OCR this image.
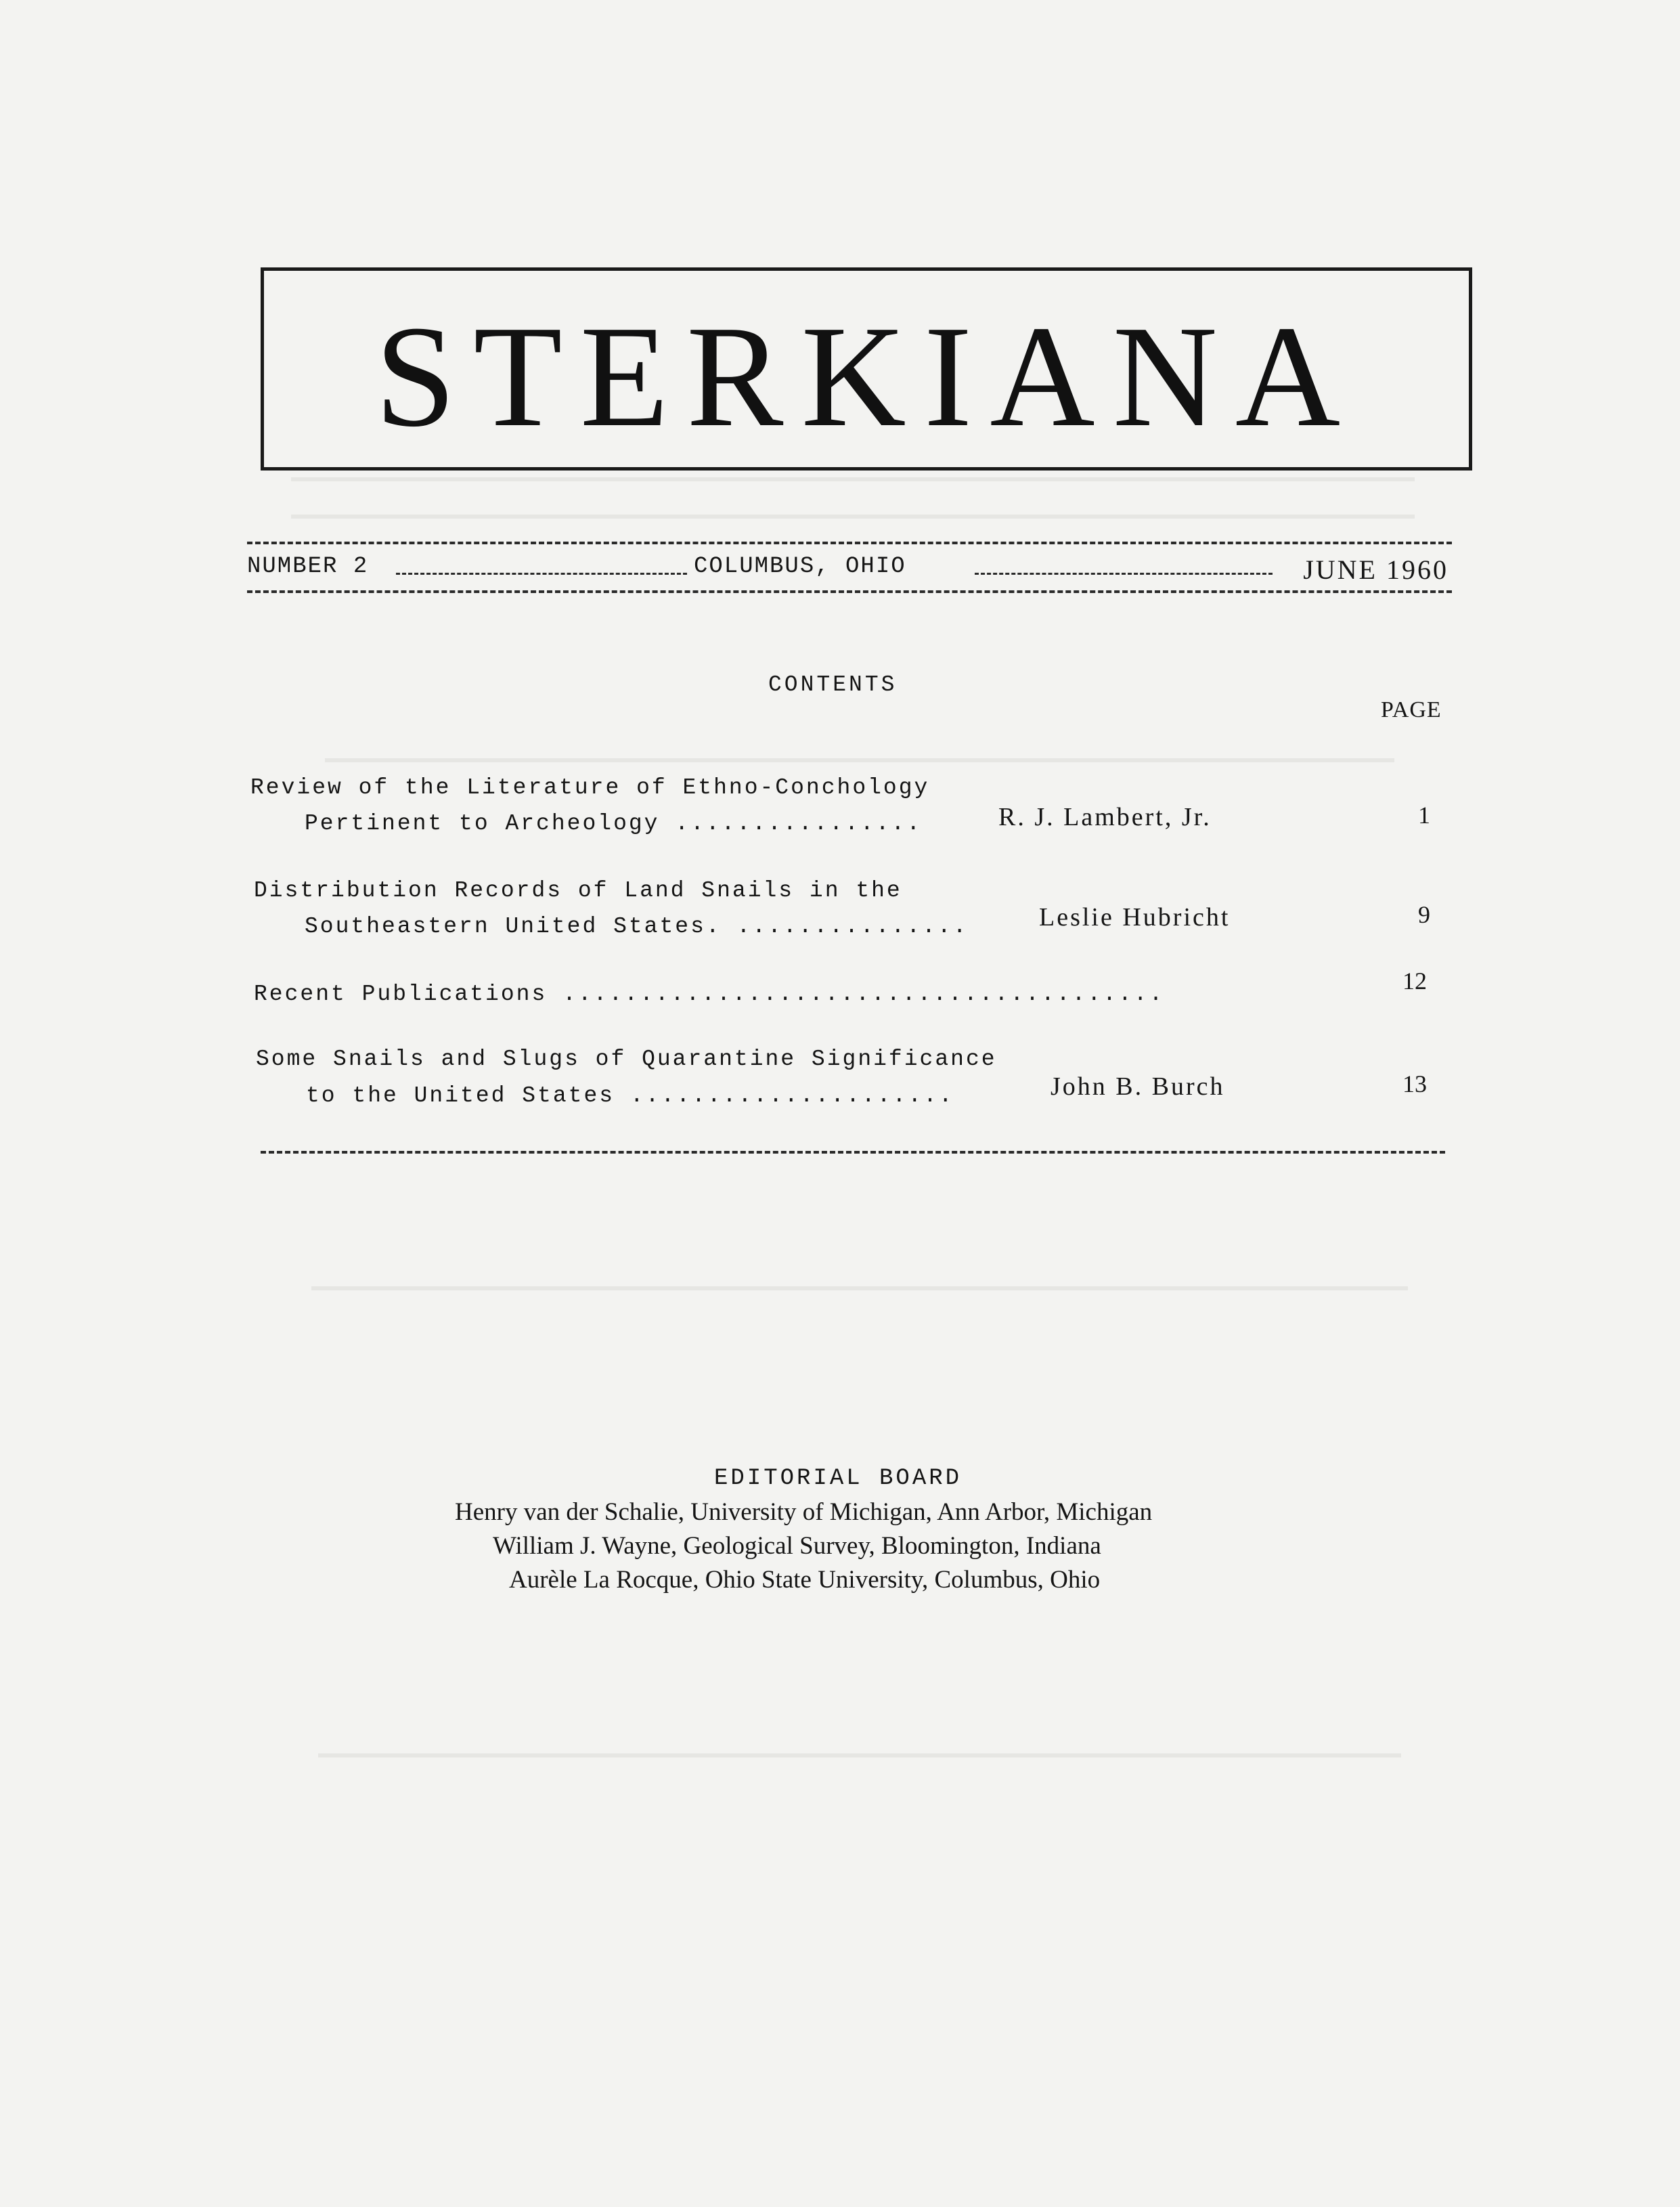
STERKIANA
NUMBER 2	COLUMBUS, OHIO	JUNE 1960
CONTENTS
PAGE
Review of the Literature of Ethno-Conchology
Pertinent to Archeology ................	R. J. Lambert, Jr.	1
Distribution Records of Land Snails in the
Southeastern United States. ...............	Leslie Hubricht	9
Recent Publications .......................................	12
Some Snails and Slugs of Quarantine Significance
to the United States .....................	John B. Burch	13
EDITORIAL BOARD
Henry van der Schalie, University of Michigan, Ann Arbor, Michigan
William J. Wayne, Geological Survey, Bloomington, Indiana
Aurèle La Rocque, Ohio State University, Columbus, Ohio
